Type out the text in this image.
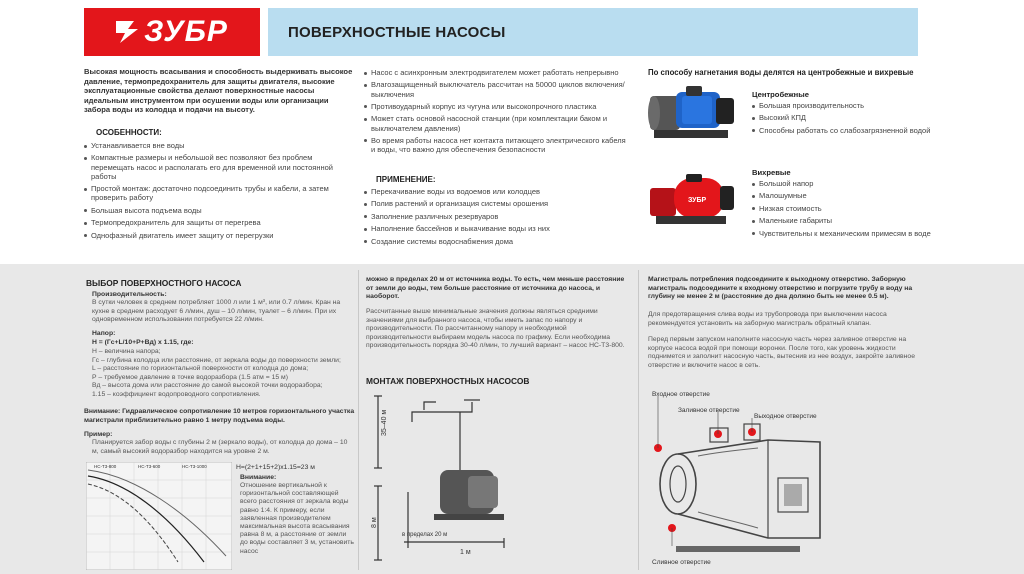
ЗУБР	ПОВЕРХНОСТНЫЕ НАСОСЫ
Высокая мощность всасывания и способность выдерживать высокое давление, термопредохранитель для защиты двигателя, высокие эксплуатационные свойства делают поверхностные насосы идеальным инструментом при осушении воды или организации забора воды из колодца и подачи на высоту.
ОСОБЕННОСТИ:
Устанавливается вне воды
Компактные размеры и небольшой вес позволяют без проблем перемещать насос и располагать его для временной или постоянной работы
Простой монтаж: достаточно подсоединить трубы и кабели, а затем проверить работу
Большая высота подъема воды
Термопредохранитель для защиты от перегрева
Однофазный двигатель имеет защиту от перегрузки
Насос с асинхронным электродвигателем может работать непрерывно
Влагозащищенный выключатель рассчитан на 50000 циклов включения/выключения
Противоударный корпус из чугуна или высокопрочного пластика
Может стать основой насосной станции (при комплектации баком и выключателем давления)
Во время работы насоса нет контакта питающего электрического кабеля и воды, что важно для обеспечения безопасности
ПРИМЕНЕНИЕ:
Перекачивание воды из водоемов или колодцев
Полив растений и организация системы орошения
Заполнение различных резервуаров
Наполнение бассейнов и выкачивание воды из них
Создание системы водоснабжения дома
По способу нагнетания воды делятся на центробежные и вихревые
Центробежные
Большая производительность
Высокий КПД
Способны работать со слабозагрязненной водой
ЗУБР
Вихревые
Большой напор
Малошумные
Низкая стоимость
Маленькие габариты
Чувствительны к механическим примесям в воде
ВЫБОР ПОВЕРХНОСТНОГО НАСОСА
Производительность:
В сутки человек в среднем потребляет 1000 л или 1 м³, или 0.7 л/мин. Кран на кухне в среднем расходует 6 л/мин, душ – 10 л/мин, туалет – 6 л/мин. При их одновременном использовании потребуется 22 л/мин.
Напор:
Н = (Гс+L/10+Р+Вд) х 1.15, где:
Н – величина напора;
Гс – глубина колодца или расстояние, от зеркала воды до поверхности земли;
L – расстояние по горизонтальной поверхности от колодца до дома;
Р – требуемое давление в точке водоразбора (1.5 атм = 15 м)
Вд – высота дома или расстояние до самой высокой точки водоразбора;
1.15 – коэффициент водопроводного сопротивления.
Внимание: Гидравлическое сопротивление 10 метров горизонтального участка магистрали приблизительно равно 1 метру подъема воды.
Пример:
Планируется забор воды с глубины 2 м (зеркало воды), от колодца до дома – 10 м, самый высокий водоразбор находится на уровне 2 м.
НС-Т3-800	НС-Т3-600	НС-Т3-1000	Н=(2+1+15+2)х1.15=23 м
Внимание:
Отношение вертикальной к горизонтальной составляющей всего расстояния от зеркала воды равно 1:4. К примеру, если заявленная производителем максимальная высота всасывания равна 8 м, а расстояние от земли до воды составляет 3 м, установить насос
можно в пределах 20 м от источника воды. То есть, чем меньше расстояние от земли до воды, тем больше расстояние от источника до насоса, и наоборот.
Рассчитанные выше минимальные значения должны являться средними значениями для выбранного насоса, чтобы иметь запас по напору и производительности. По рассчитанному напору и необходимой производительности выбираем модель насоса по графику. Если необходима производительность порядка 30-40 л/мин, то лучший вариант – насос НС-Т3-800.
МОНТАЖ ПОВЕРХНОСТНЫХ НАСОСОВ
35–40 м
8 м
1 м
в пределах 20 м
Магистраль потребления подсоедините к выходному отверстию. Заборную магистраль подсоедините к входному отверстию и погрузите трубу в воду на глубину не менее 2 м (расстояние до дна должно быть не менее 0.5 м).
Для предотвращения слива воды из трубопровода при выключении насоса рекомендуется установить на заборную магистраль обратный клапан.
Перед первым запуском наполните насосную часть через заливное отверстие на корпусе насоса водой при помощи воронки. После того, как уровень жидкости поднимется и заполнит насосную часть, вытеснив из нее воздух, закройте заливное отверстие и включите насос в сеть.
Входное отверстие
Заливное отверстие
Выходное отверстие
Сливное отверстие
